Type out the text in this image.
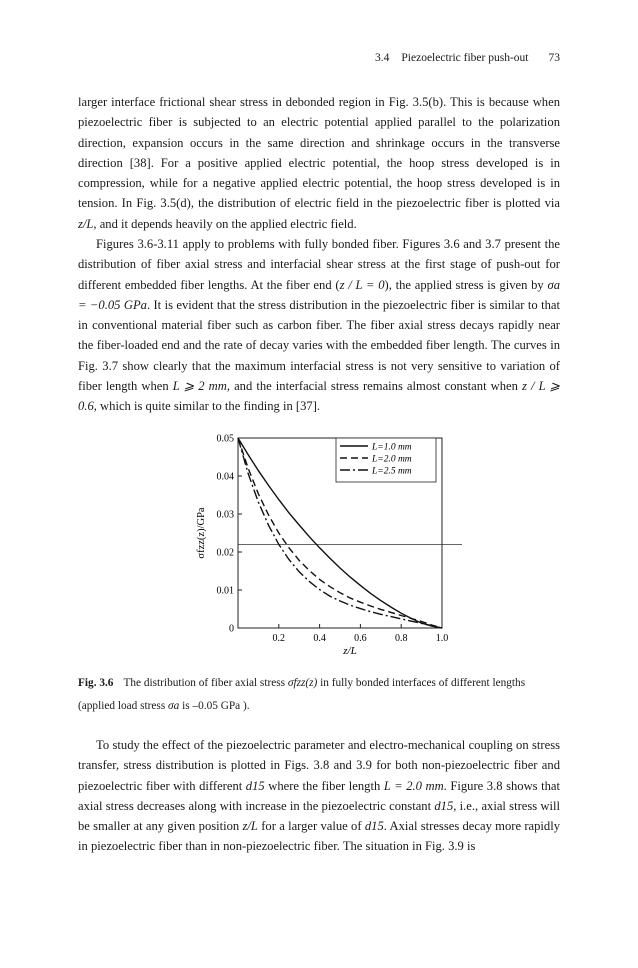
3.4 Piezoelectric fiber push-out 73

larger interface frictional shear stress in debonded region in Fig. 3.5(b). This is because when piezoelectric fiber is subjected to an electric potential applied parallel to the polarization direction, expansion occurs in the same direction and shrinkage occurs in the transverse direction [38]. For a positive applied electric potential, the hoop stress developed is in compression, while for a negative applied electric potential, the hoop stress developed is in tension. In Fig. 3.5(d), the distribution of electric field in the piezoelectric fiber is plotted via z/L, and it depends heavily on the applied electric field.

Figures 3.6-3.11 apply to problems with fully bonded fiber. Figures 3.6 and 3.7 present the distribution of fiber axial stress and interfacial shear stress at the first stage of push-out for different embedded fiber lengths. At the fiber end (z / L = 0), the applied stress is given by σa = −0.05 GPa. It is evident that the stress distribution in the piezoelectric fiber is similar to that in conventional material fiber such as carbon fiber. The fiber axial stress decays rapidly near the fiber-loaded end and the rate of decay varies with the embedded fiber length. The curves in Fig. 3.7 show clearly that the maximum interfacial stress is not very sensitive to variation of fiber length when L ⩾ 2 mm, and the interfacial stress remains almost constant when z / L ⩾ 0.6, which is quite similar to the finding in [37].

0.2	0.4	0.6	0.8	1.0
0
0.01
0.02
0.03
0.04
0.05
L=1.0 mm
L=2.0 mm
L=2.5 mm
z/L
σfzz(z)/GPa

Fig. 3.6 The distribution of fiber axial stress σfzz(z) in fully bonded interfaces of different lengths (applied load stress σa is –0.05 GPa ).

To study the effect of the piezoelectric parameter and electro-mechanical coupling on stress transfer, stress distribution is plotted in Figs. 3.8 and 3.9 for both non-piezoelectric fiber and piezoelectric fiber with different d15 where the fiber length L = 2.0 mm. Figure 3.8 shows that axial stress decreases along with increase in the piezoelectric constant d15, i.e., axial stress will be smaller at any given position z/L for a larger value of d15. Axial stresses decay more rapidly in piezoelectric fiber than in non-piezoelectric fiber. The situation in Fig. 3.9 is
